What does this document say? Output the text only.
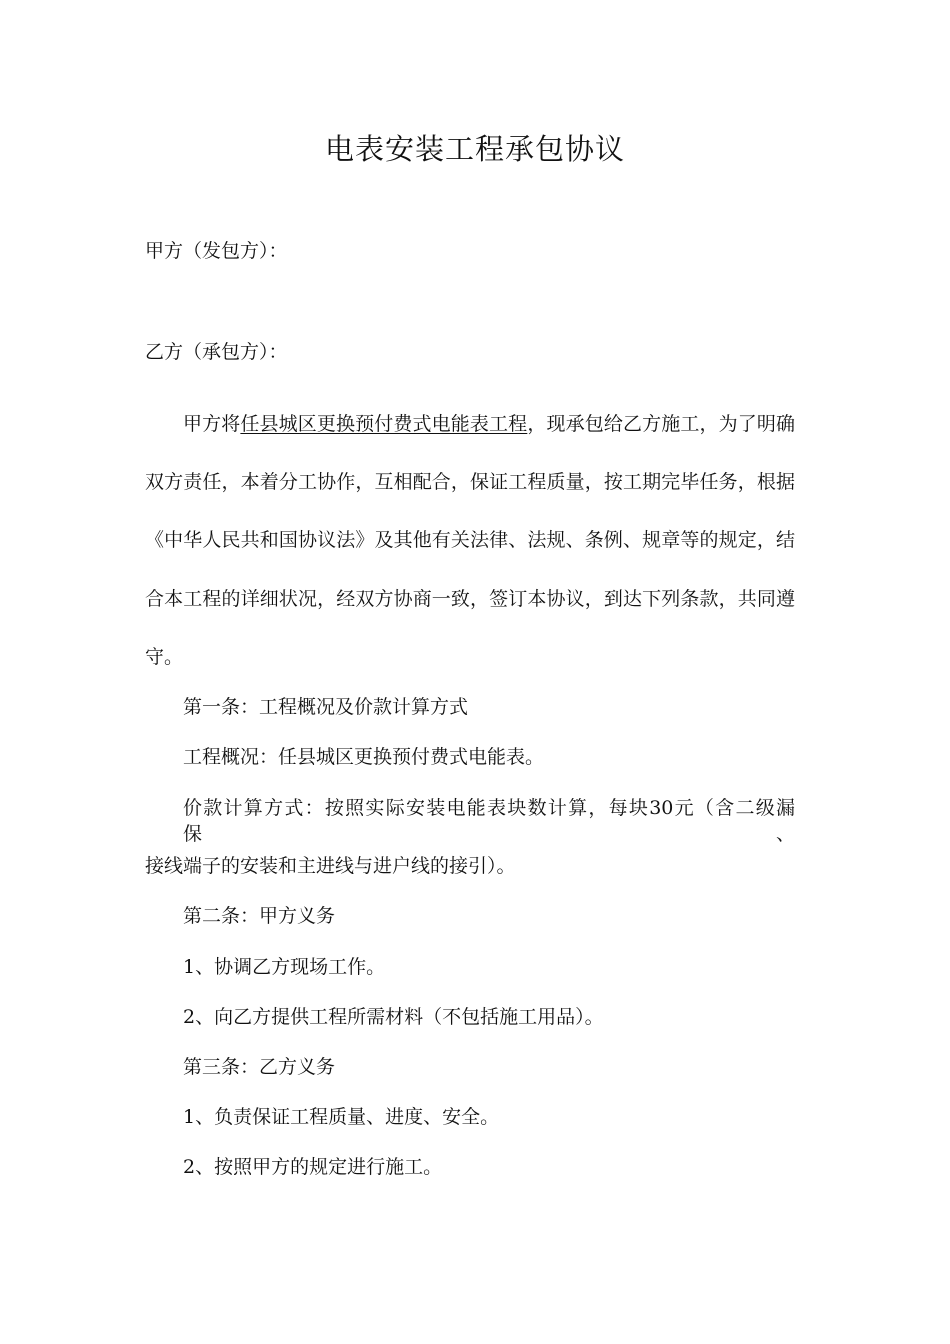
电表安装工程承包协议
甲方（发包方）：
乙方（承包方）：
甲方将任县城区更换预付费式电能表工程，现承包给乙方施工，为了明确
双方责任，本着分工协作，互相配合，保证工程质量，按工期完毕任务，根据
《中华人民共和国协议法》及其他有关法律、法规、条例、规章等的规定，结
合本工程的详细状况，经双方协商一致，签订本协议，到达下列条款，共同遵
守。
第一条：工程概况及价款计算方式
工程概况：任县城区更换预付费式电能表。
价款计算方式：按照实际安装电能表块数计算，每块30元（含二级漏保、
接线端子的安装和主进线与进户线的接引）。
第二条：甲方义务
1、协调乙方现场工作。
2、向乙方提供工程所需材料（不包括施工用品）。
第三条：乙方义务
1、负责保证工程质量、进度、安全。
2、按照甲方的规定进行施工。
